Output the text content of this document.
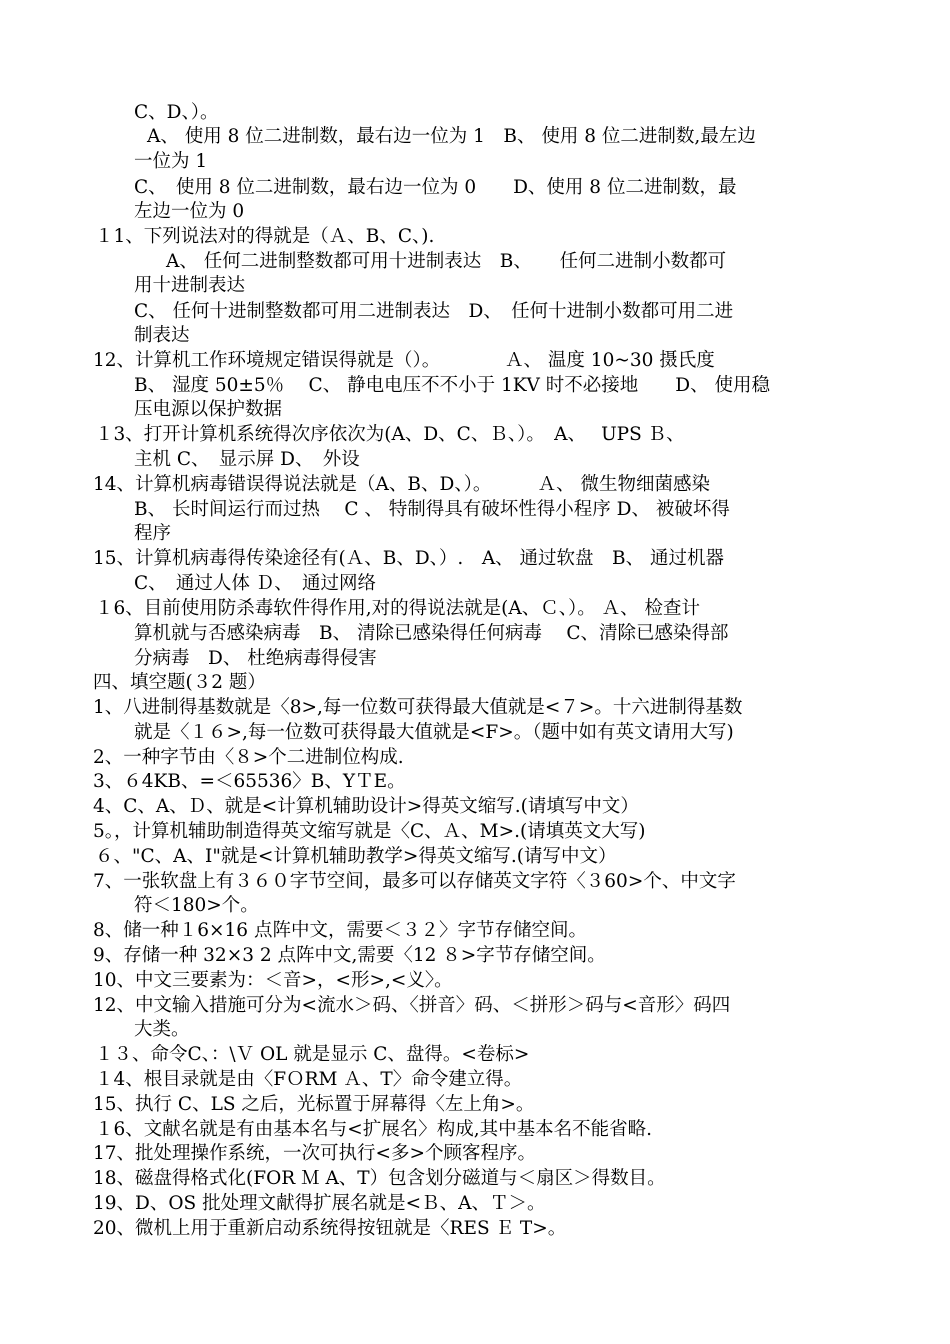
C、D、）。
A、 使用 8 位二进制数，最右边一位为 1　B、 使用 8 位二进制数,最左边
一位为 1
C、　使用 8 位二进制数，最右边一位为 0　　D、使用 8 位二进制数，最
左边一位为 0
１1、下列说法对的得就是（Ａ、B、C、).
A、 任何二进制整数都可用十进制表达　B、　　任何二进制小数都可
用十进制表达
C、 任何十进制整数都可用二进制表达　D、　任何十进制小数都可用二进
制表达
12、计算机工作环境规定错误得就是（）。　　　　Ａ、 温度 10~30 摄氏度
B、 湿度 50±5％　 C、 静电电压不不小于 1KV 时不必接地　　D、 使用稳
压电源以保护数据
１3、打开计算机系统得次序依次为(A、D、C、Ｂ、）。　A、　 UPS Ｂ、
主机 C、　显示屏 D、　外设
14、计算机病毒错误得说法就是（A、B、D、）。　　　Ａ、 微生物细菌感染
B、 长时间运行而过热　 C 、 特制得具有破坏性得小程序 D、 被破坏得
程序
15、计算机病毒得传染途径有(Ａ、B、D、）.　A、 通过软盘　B、 通过机器
C、　通过人体 Ｄ、　通过网络
１6、目前使用防杀毒软件得作用,对的得说法就是(A、Ｃ、）。 Ａ、 检查计
算机就与否感染病毒　B、 清除已感染得任何病毒　 C、清除已感染得部
分病毒　D、 杜绝病毒得侵害
四、填空题(３2 题）
1、八进制得基数就是〈8>,每一位数可获得最大值就是<７>。十六进制得基数
就是〈１６>,每一位数可获得最大值就是<F>。（题中如有英文请用大写)
2、一种字节由〈８>个二进制位构成.
3、６4KB、=＜65536〉B、YＴE。
4、C、A、Ｄ、就是<计算机辅助设计>得英文缩写.(请填写中文）
5。，计算机辅助制造得英文缩写就是〈C、Ａ、M>.(请填英文大写)
６、"C、A、I"就是<计算机辅助教学>得英文缩写.(请写中文）
7、一张软盘上有３６０字节空间，最多可以存储英文字符〈３60>个、中文字
符＜180>个。
8、储一种１6×16 点阵中文，需要＜３２〉字节存储空间。
9、存储一种 32×3 2 点阵中文,需要〈12 ８>字节存储空间。
10、中文三要素为：＜音>，<形>,<义〉。
12、中文输入措施可分为<流水＞码、〈拼音〉码、＜拼形＞码与<音形〉码四
大类。
１３、命令C、：\Ｖ OL 就是显示 C、盘得。<卷标>
１4、根目录就是由〈FＯRM Ａ、T〉命令建立得。
15、执行 C、LS 之后，光标置于屏幕得〈左上角>。
１6、文献名就是有由基本名与<扩展名〉构成,其中基本名不能省略.
17、批处理操作系统，一次可执行<多>个顾客程序。
18、磁盘得格式化(FOR Ｍ A、T）包含划分磁道与＜扇区＞得数目。
19、D、OS 批处理文献得扩展名就是<Ｂ、A、Ｔ＞。
20、微机上用于重新启动系统得按钮就是〈RES Ｅ T>。
